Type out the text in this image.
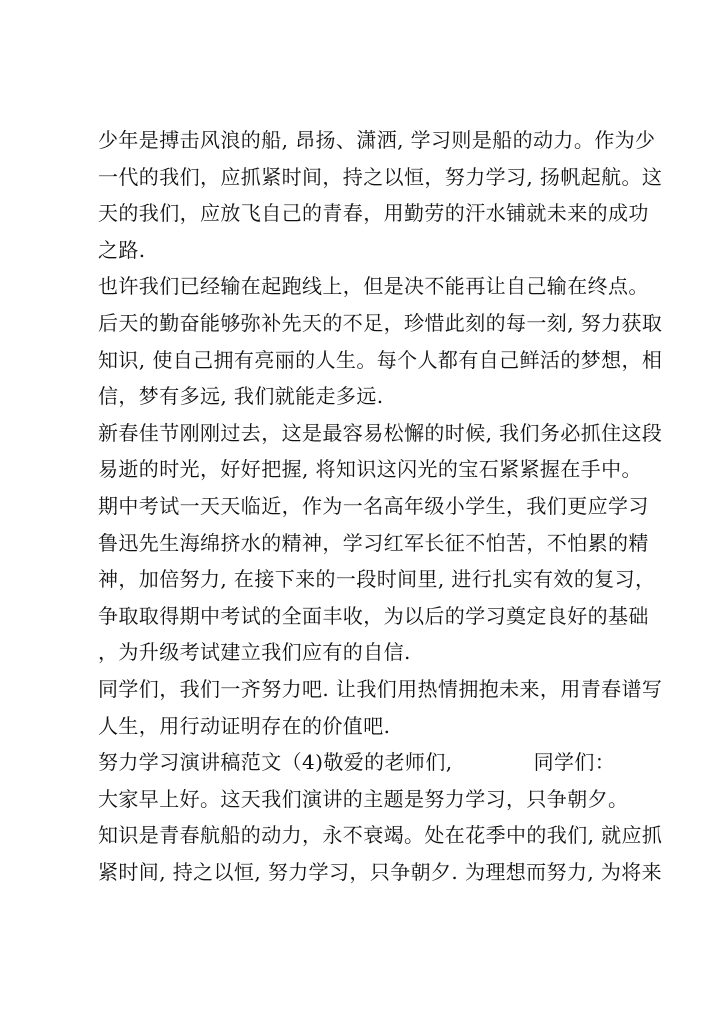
少年是搏击风浪的船, 昂扬、潇洒, 学习则是船的动力。作为少
一代的我们，应抓紧时间，持之以恒，努力学习, 扬帆起航。这
天的我们，应放飞自己的青春，用勤劳的汗水铺就未来的成功
之路.
也许我们已经输在起跑线上，但是决不能再让自己输在终点。
后天的勤奋能够弥补先天的不足，珍惜此刻的每一刻, 努力获取
知识, 使自己拥有亮丽的人生。每个人都有自己鲜活的梦想，相
信，梦有多远, 我们就能走多远.
新春佳节刚刚过去，这是最容易松懈的时候, 我们务必抓住这段
易逝的时光，好好把握, 将知识这闪光的宝石紧紧握在手中。
期中考试一天天临近，作为一名高年级小学生，我们更应学习
鲁迅先生海绵挤水的精神，学习红军长征不怕苦，不怕累的精
神，加倍努力, 在接下来的一段时间里, 进行扎实有效的复习，
争取取得期中考试的全面丰收，为以后的学习奠定良好的基础
，为升级考试建立我们应有的自信.
同学们，我们一齐努力吧. 让我们用热情拥抱未来，用青春谱写
人生，用行动证明存在的价值吧.
努力学习演讲稿范文（4)敬爱的老师们,            同学们：
大家早上好。这天我们演讲的主题是努力学习，只争朝夕。
知识是青春航船的动力，永不衰竭。处在花季中的我们, 就应抓
紧时间, 持之以恒, 努力学习，只争朝夕. 为理想而努力, 为将来
